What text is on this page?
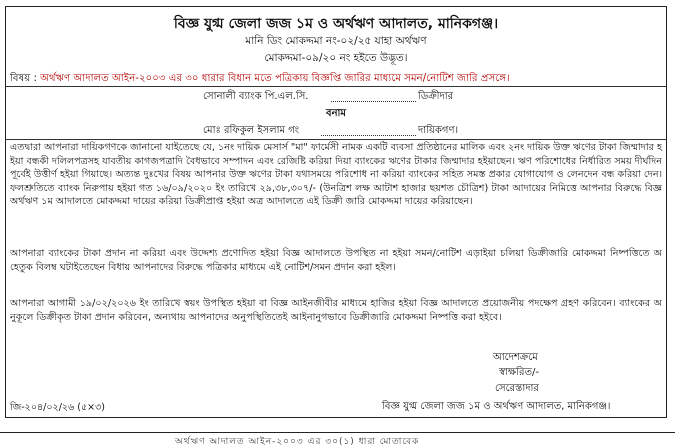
বিজ্ঞ যুগ্ম জেলা জজ ১ম ও অর্থঋণ আদালত, মানিকগঞ্জ।
মানি ডিং মোকদ্দমা নং-০২/২৫ যাহা অর্থঋণ
মোকদ্দমা-০৯/২০ নং হইতে উদ্ভূত।
বিষয় : অর্থঋণ আদালত আইন-২০০৩ এর ৩০ ধারার বিধান মতে পত্রিকায় বিজ্ঞপ্তি জারির মাধ্যমে সমন/নোটিশ জারি প্রসঙ্গে।
সোনালী ব্যাংক পি.এল.সি.	ডিক্রীদার
বনাম
মোঃ রফিকুল ইসলাম গং	দায়িকগণ।

এতদ্বারা আপনারা দায়িকগণকে জানানো যাইতেছে যে, ১নং দায়িক মেসার্স "মা" ফার্মেসী নামক একটি ব্যবসা প্রতিষ্ঠানের মালিক এবং ২নং দায়িক উক্ত ঋণের টাকা জিম্মাদার হইয়া বন্ধকী দলিলপত্রসহ যাবতীয় কাগজপত্রাদি বৈধভাবে সম্পাদন এবং রেজিষ্টি করিয়া দিয়া ব্যাংকের ঋণের টাকার জিম্মাদার হইয়াছেন। ঋণ পরিশোধের নির্ধারিত সময় দীর্ঘদিন পূর্বেই উত্তীর্ণ হইয়া গিয়াছে। অত্যন্ত দুঃখের বিষয় আপনার উক্ত ঋণের টাকা যথাসময়ে পরিশোধ না করিয়া ব্যাংকের সহিত সমস্ত প্রকার যোগাযোগ ও লেনদেন বন্ধ করিয়া দেন। ফলশ্রুতিতে ব্যাংক নিরুপায় হইয়া গত ১৬/০৯/২০২০ ইং তারিখে ২৯,৩৮,৩০৭/- (উনত্রিশ লক্ষ আটাশ হাজার ছয়শত চৌত্রিশ) টাকা আদায়ের নিমিত্তে আপনার বিরুদ্ধে বিজ্ঞ অর্থঋণ ১ম আদালতে মোকদ্দমা দায়ের করিয়া ডিক্রীপ্রাপ্ত হইয়া অত্র আদালতে এই ডিক্রী জারি মোকদ্দমা দায়ের করিয়াছেন।

আপনারা ব্যাংকের টাকা প্রদান না করিয়া এবং উদ্দেশ্য প্রণোদিত হইয়া বিজ্ঞ আদালতে উপস্থিত না হইয়া সমন/নোটিশ এড়াইয়া চলিয়া ডিক্রীজারি মোকদ্দমা নিষ্পত্তিতে অহেতুক বিলম্ব ঘটাইতেছেন বিধায় আপনাদের বিরুদ্ধে পত্রিকার মাধ্যমে এই নোটিশ/সমন প্রদান করা হইল।

আপনারা আগামী ১৯/০২/২০২৬ ইং তারিখে স্বয়ং উপস্থিত হইয়া বা বিজ্ঞ আইনজীবীর মাধ্যমে হাজির হইয়া বিজ্ঞ আদালতে প্রয়োজনীয় পদক্ষেপ গ্রহণ করিবেন। ব্যাংকের অনুকূলে ডিক্রীকৃত টাকা প্রদান করিবেন, অন্যথায় আপনাদের অনুপস্থিতিতেই আইনানুগভাবে ডিক্রীজারি মোকদ্দমা নিষ্পত্তি করা হইবে।

আদেশক্রমে
স্বাক্ষরিত/-
সেরেস্তাদার
বিজ্ঞ যুগ্ম জেলা জজ ১ম ও অর্থঋণ আদালত, মানিকগঞ্জ।
জি-২০৪/০২/২৬ (৫×৩)
অর্থঋণ আদালত আইন-২০০৩ এর ৩০(১) ধারা মোতাবেক
